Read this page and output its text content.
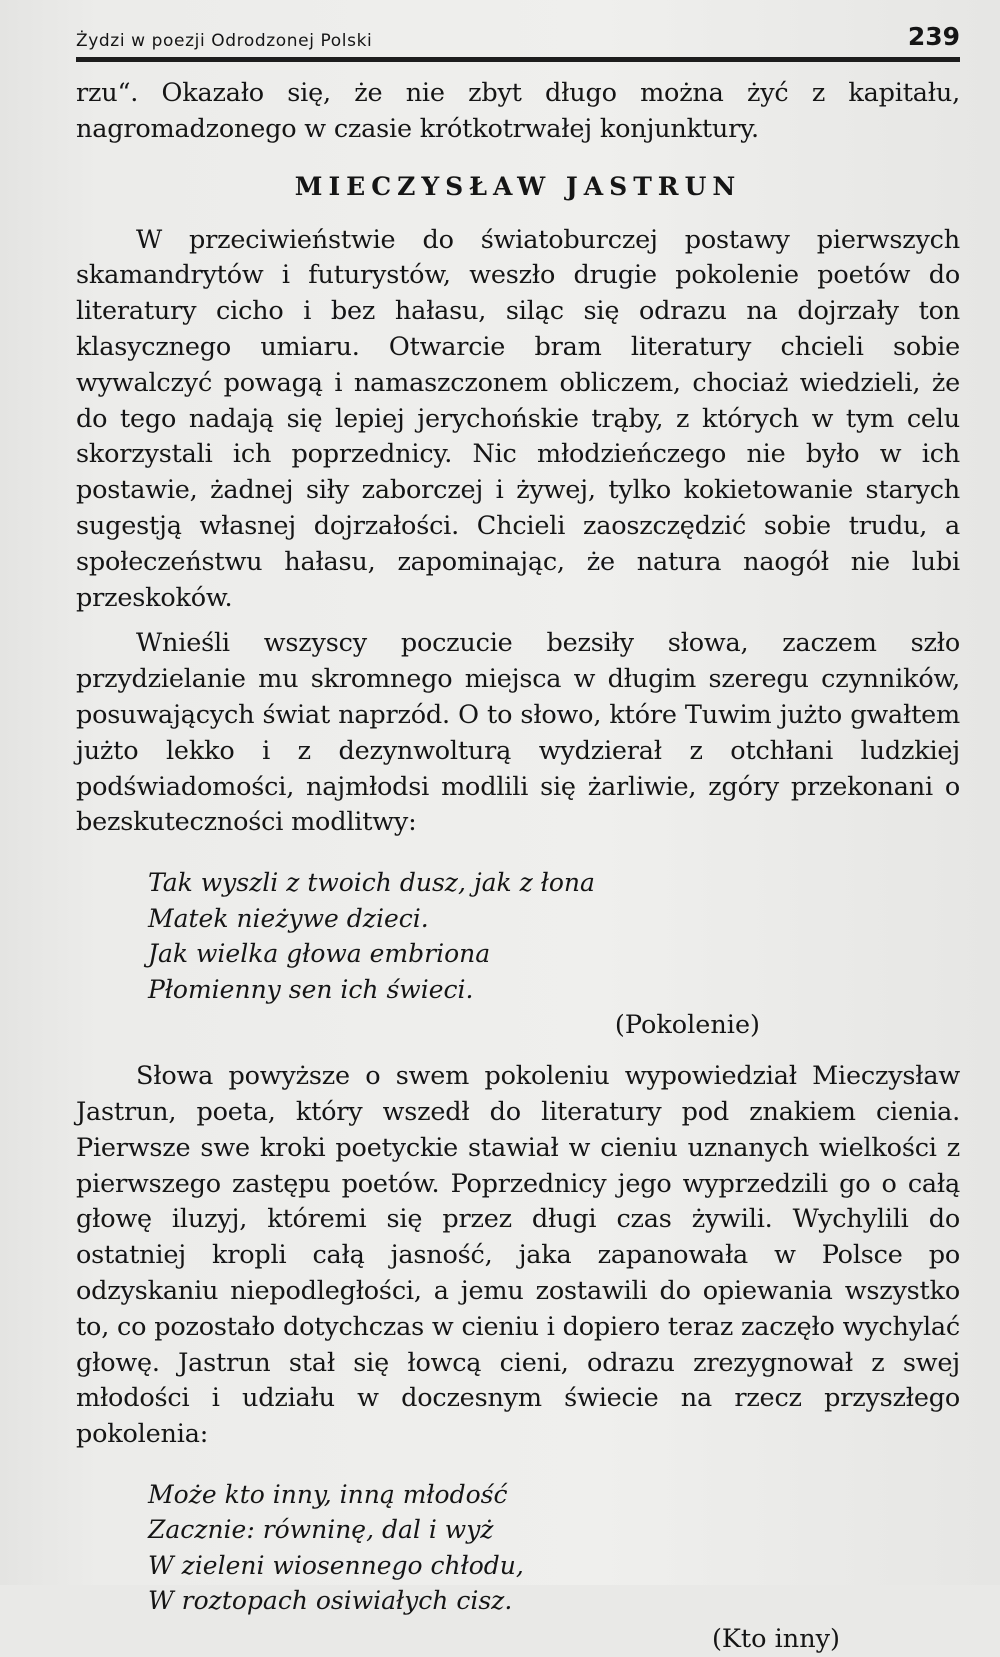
Żydzi w poezji Odrodzonej Polski	239

rzu“. Okazało się, że nie zbyt długo można żyć z kapitału, nagromadzonego w czasie krótkotrwałej konjunktury.

MIECZYSŁAW JASTRUN

W przeciwieństwie do światoburczej postawy pierwszych skamandrytów i futurystów, weszło drugie pokolenie poetów do literatury cicho i bez hałasu, siląc się odrazu na dojrzały ton klasycznego umiaru. Otwarcie bram literatury chcieli sobie wywalczyć powagą i namaszczonem obliczem, chociaż wiedzieli, że do tego nadają się lepiej jerychońskie trąby, z których w tym celu skorzystali ich poprzednicy. Nic młodzieńczego nie było w ich postawie, żadnej siły zaborczej i żywej, tylko kokietowanie starych sugestją własnej dojrzałości. Chcieli zaoszczędzić sobie trudu, a społeczeństwu hałasu, zapominając, że natura naogół nie lubi przeskoków.

Wnieśli wszyscy poczucie bezsiły słowa, zaczem szło przydzielanie mu skromnego miejsca w długim szeregu czynników, posuwających świat naprzód. O to słowo, które Tuwim jużto gwałtem jużto lekko i z dezynwolturą wydzierał z otchłani ludzkiej podświadomości, najmłodsi modlili się żarliwie, zgóry przekonani o bezskuteczności modlitwy:

Tak wyszli z twoich dusz, jak z łona
Matek nieżywe dzieci.
Jak wielka głowa embriona
Płomienny sen ich świeci.
(Pokolenie)

Słowa powyższe o swem pokoleniu wypowiedział Mieczysław Jastrun, poeta, który wszedł do literatury pod znakiem cienia. Pierwsze swe kroki poetyckie stawiał w cieniu uznanych wielkości z pierwszego zastępu poetów. Poprzednicy jego wyprzedzili go o całą głowę iluzyj, któremi się przez długi czas żywili. Wychylili do ostatniej kropli całą jasność, jaka zapanowała w Polsce po odzyskaniu niepodległości, a jemu zostawili do opiewania wszystko to, co pozostało dotychczas w cieniu i dopiero teraz zaczęło wychylać głowę. Jastrun stał się łowcą cieni, odrazu zrezygnował z swej młodości i udziału w doczesnym świecie na rzecz przyszłego pokolenia:

Może kto inny, inną młodość
Zacznie: równinę, dal i wyż
W zieleni wiosennego chłodu,
W roztopach osiwiałych cisz.
(Kto inny)
